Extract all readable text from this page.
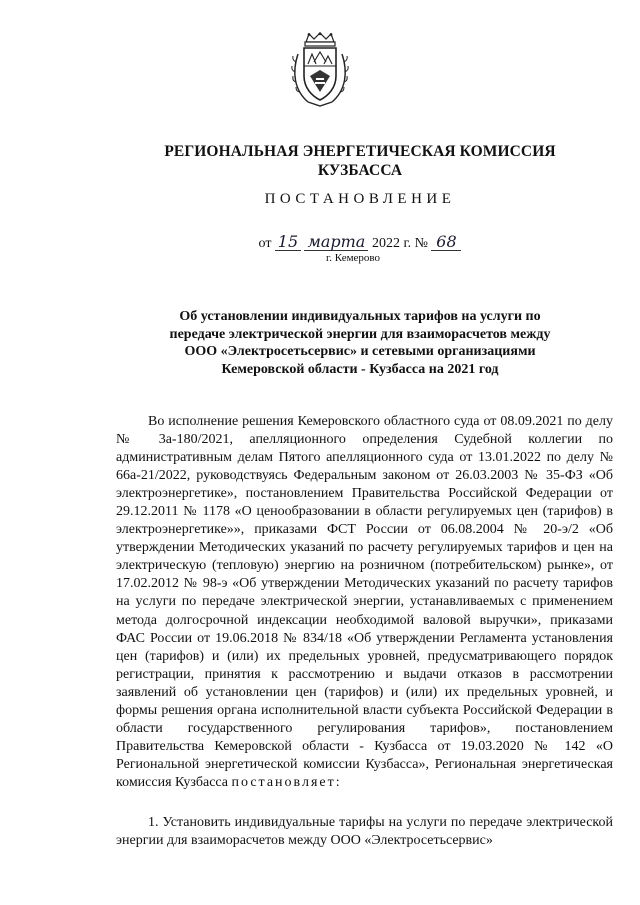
РЕГИОНАЛЬНАЯ ЭНЕРГЕТИЧЕСКАЯ КОМИССИЯ
КУЗБАССА
ПОСТАНОВЛЕНИЕ
от 15 марта 2022 г. № 68
г. Кемерово
Об установлении индивидуальных тарифов на услуги по
передаче электрической энергии для взаиморасчетов между
ООО «Электросетьсервис» и сетевыми организациями
Кемеровской области - Кузбасса на 2021 год

Во исполнение решения Кемеровского областного суда от 08.09.2021 по делу № 3а-180/2021, апелляционного определения Судебной коллегии по административным делам Пятого апелляционного суда от 13.01.2022 по делу № 66а-21/2022, руководствуясь Федеральным законом от 26.03.2003 № 35-ФЗ «Об электроэнергетике», постановлением Правительства Российской Федерации от 29.12.2011 № 1178 «О ценообразовании в области регулируемых цен (тарифов) в электроэнергетике»», приказами ФСТ России от 06.08.2004 № 20-э/2 «Об утверждении Методических указаний по расчету регулируемых тарифов и цен на электрическую (тепловую) энергию на розничном (потребительском) рынке», от 17.02.2012 № 98-э «Об утверждении Методических указаний по расчету тарифов на услуги по передаче электрической энергии, устанавливаемых с применением метода долгосрочной индексации необходимой валовой выручки», приказами ФАС России от 19.06.2018 № 834/18 «Об утверждении Регламента установления цен (тарифов) и (или) их предельных уровней, предусматривающего порядок регистрации, принятия к рассмотрению и выдачи отказов в рассмотрении заявлений об установлении цен (тарифов) и (или) их предельных уровней, и формы решения органа исполнительной власти субъекта Российской Федерации в области государственного регулирования тарифов», постановлением Правительства Кемеровской области - Кузбасса от 19.03.2020 № 142 «О Региональной энергетической комиссии Кузбасса», Региональная энергетическая комиссия Кузбасса постановляет:

1. Установить индивидуальные тарифы на услуги по передаче электрической энергии для взаиморасчетов между ООО «Электросетьсервис»
